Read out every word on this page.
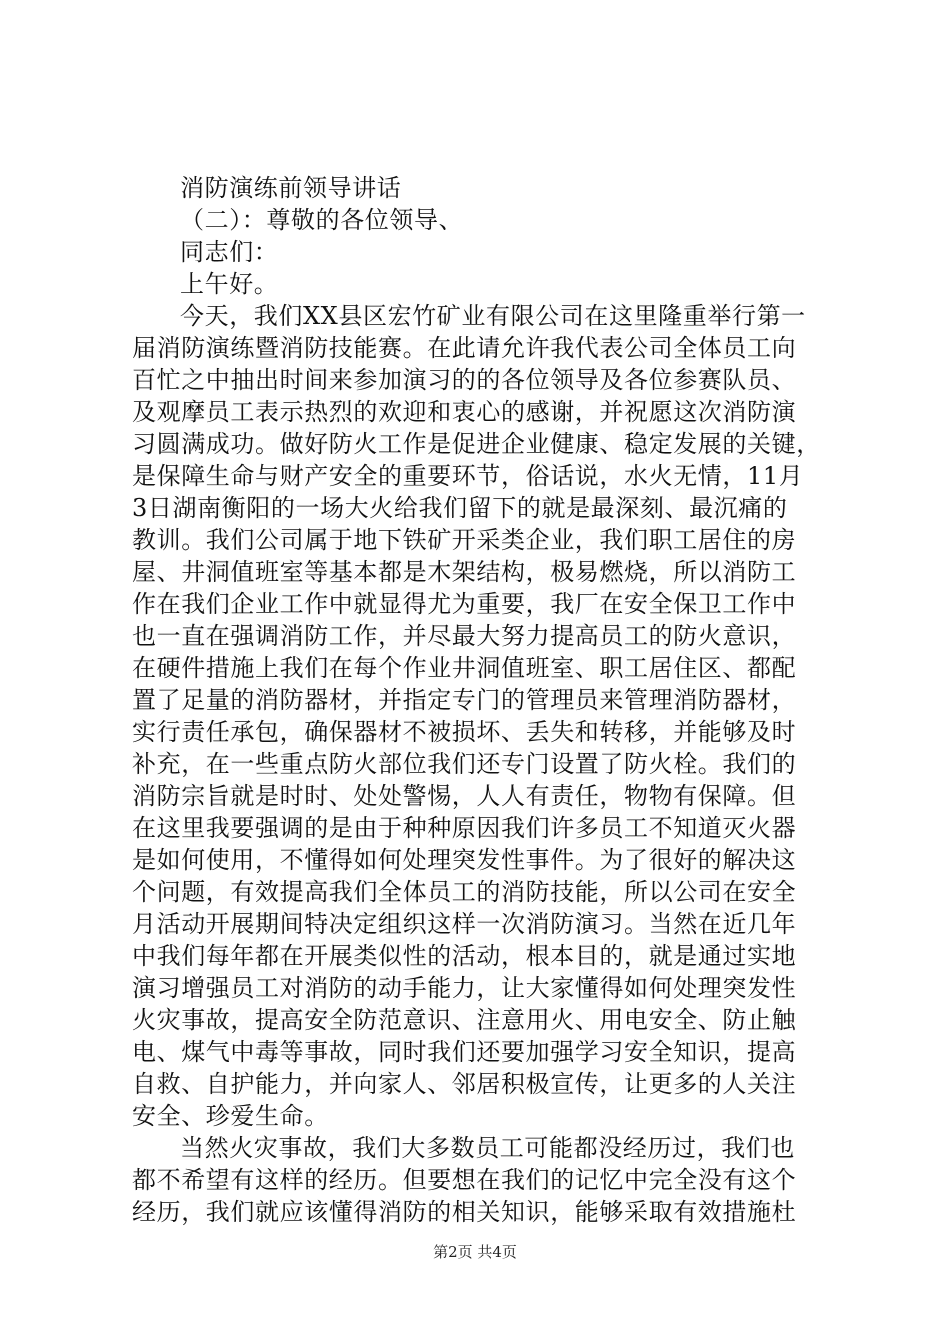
消防演练前领导讲话
（二）：尊敬的各位领导、
同志们：
上午好。
今天，我们XX县区宏竹矿业有限公司在这里隆重举行第一
届消防演练暨消防技能赛。在此请允许我代表公司全体员工向
百忙之中抽出时间来参加演习的的各位领导及各位参赛队员、
及观摩员工表示热烈的欢迎和衷心的感谢，并祝愿这次消防演
习圆满成功。做好防火工作是促进企业健康、稳定发展的关键，
是保障生命与财产安全的重要环节，俗话说，水火无情，11月
3日湖南衡阳的一场大火给我们留下的就是最深刻、最沉痛的
教训。我们公司属于地下铁矿开采类企业，我们职工居住的房
屋、井洞值班室等基本都是木架结构，极易燃烧，所以消防工
作在我们企业工作中就显得尤为重要，我厂在安全保卫工作中
也一直在强调消防工作，并尽最大努力提高员工的防火意识，
在硬件措施上我们在每个作业井洞值班室、职工居住区、都配
置了足量的消防器材，并指定专门的管理员来管理消防器材，
实行责任承包，确保器材不被损坏、丢失和转移，并能够及时
补充，在一些重点防火部位我们还专门设置了防火栓。我们的
消防宗旨就是时时、处处警惕，人人有责任，物物有保障。但
在这里我要强调的是由于种种原因我们许多员工不知道灭火器
是如何使用，不懂得如何处理突发性事件。为了很好的解决这
个问题，有效提高我们全体员工的消防技能，所以公司在安全
月活动开展期间特决定组织这样一次消防演习。当然在近几年
中我们每年都在开展类似性的活动，根本目的，就是通过实地
演习增强员工对消防的动手能力，让大家懂得如何处理突发性
火灾事故，提高安全防范意识、注意用火、用电安全、防止触
电、煤气中毒等事故，同时我们还要加强学习安全知识，提高
自救、自护能力，并向家人、邻居积极宣传，让更多的人关注
安全、珍爱生命。
当然火灾事故，我们大多数员工可能都没经历过，我们也
都不希望有这样的经历。但要想在我们的记忆中完全没有这个
经历，我们就应该懂得消防的相关知识，能够采取有效措施杜
第2页 共4页
